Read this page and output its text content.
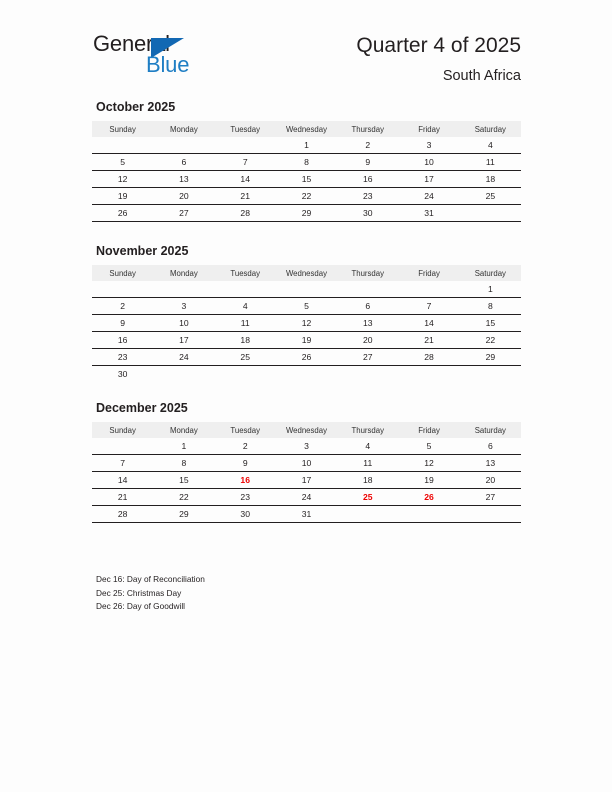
General
Blue
Quarter 4 of 2025
South Africa
October 2025
Sunday	Monday	Tuesday	Wednesday	Thursday	Friday	Saturday
			1	2	3	4
5	6	7	8	9	10	11
12	13	14	15	16	17	18
19	20	21	22	23	24	25
26	27	28	29	30	31	
November 2025
Sunday	Monday	Tuesday	Wednesday	Thursday	Friday	Saturday
						1
2	3	4	5	6	7	8
9	10	11	12	13	14	15
16	17	18	19	20	21	22
23	24	25	26	27	28	29
30						
December 2025
Sunday	Monday	Tuesday	Wednesday	Thursday	Friday	Saturday
	1	2	3	4	5	6
7	8	9	10	11	12	13
14	15	16	17	18	19	20
21	22	23	24	25	26	27
28	29	30	31			
Dec 16: Day of Reconciliation
Dec 25: Christmas Day
Dec 26: Day of Goodwill
